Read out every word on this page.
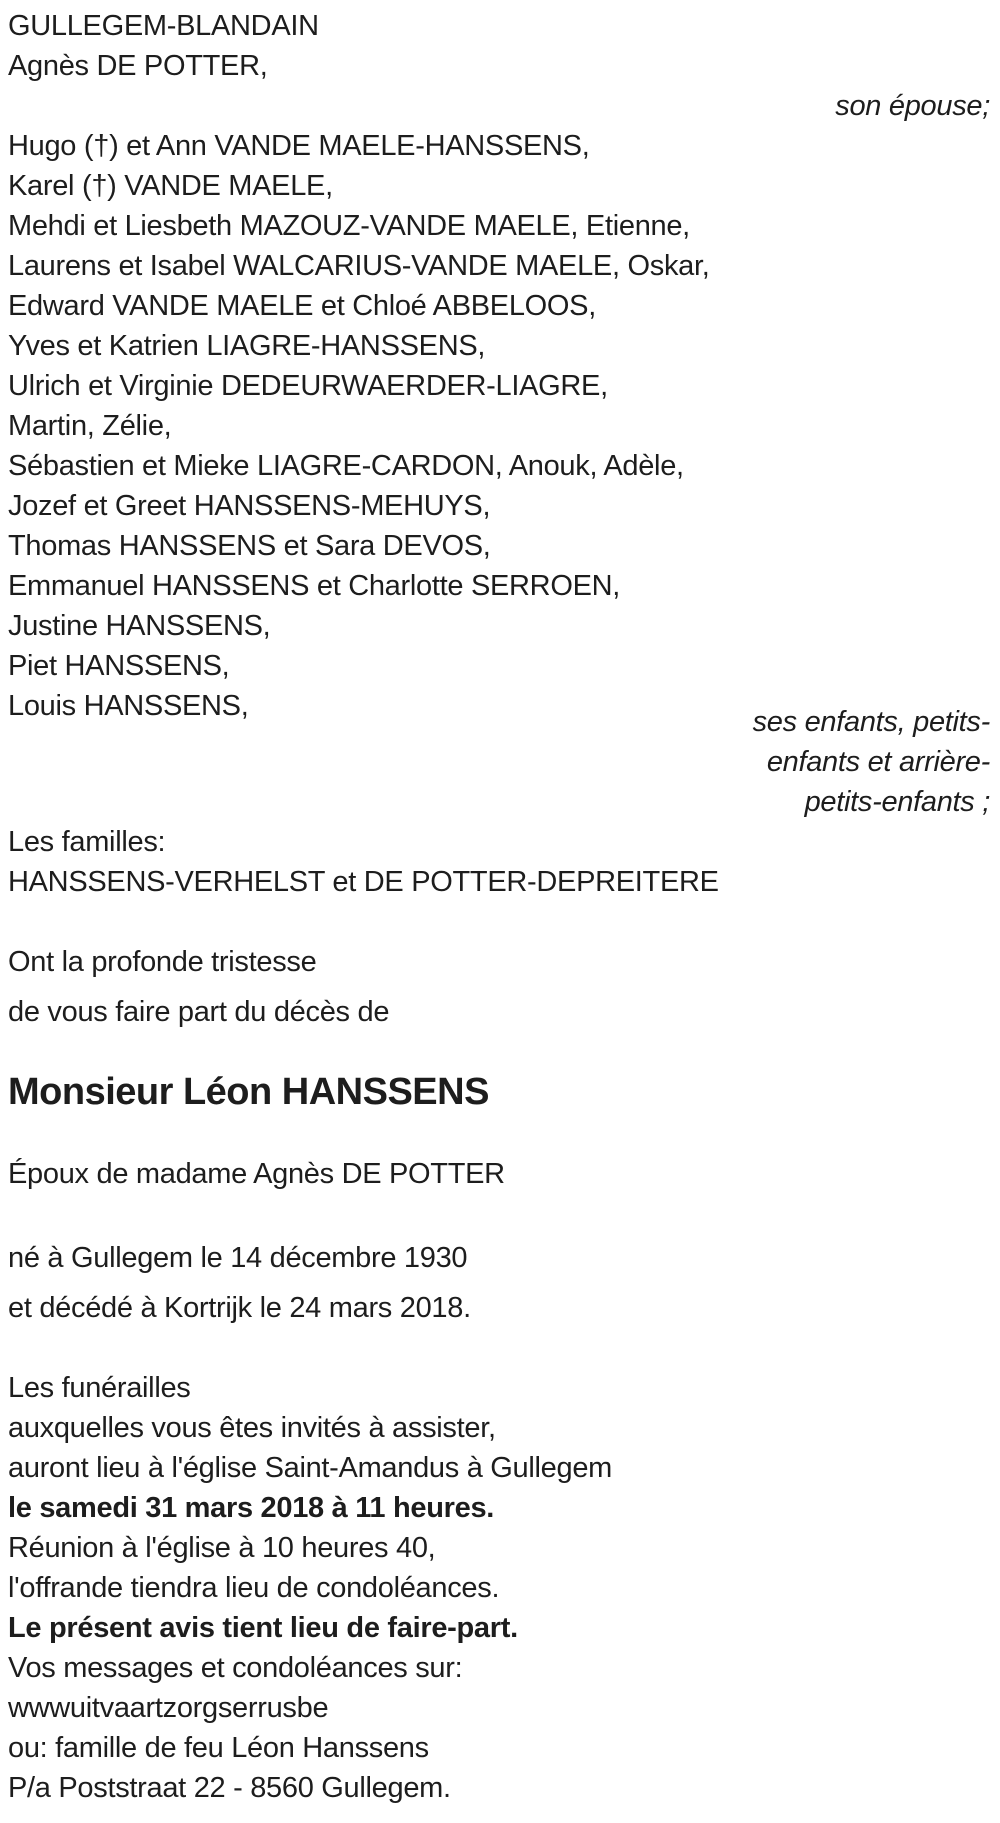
GULLEGEM-BLANDAIN
Agnès DE POTTER,
son épouse;
Hugo (†) et Ann VANDE MAELE-HANSSENS,
Karel (†) VANDE MAELE,
Mehdi et Liesbeth MAZOUZ-VANDE MAELE, Etienne,
Laurens et Isabel WALCARIUS-VANDE MAELE, Oskar,
Edward VANDE MAELE et Chloé ABBELOOS,
Yves et Katrien LIAGRE-HANSSENS,
Ulrich et Virginie DEDEURWAERDER-LIAGRE,
Martin, Zélie,
Sébastien et Mieke LIAGRE-CARDON, Anouk, Adèle,
Jozef et Greet HANSSENS-MEHUYS,
Thomas HANSSENS et Sara DEVOS,
Emmanuel HANSSENS et Charlotte SERROEN,
Justine HANSSENS,
Piet HANSSENS,
Louis HANSSENS,	ses enfants, petits-
enfants et arrière-
petits-enfants ;
Les familles:
HANSSENS-VERHELST et DE POTTER-DEPREITERE
Ont la profonde tristesse
de vous faire part du décès de
Monsieur Léon HANSSENS
Époux de madame Agnès DE POTTER
né à Gullegem le 14 décembre 1930
et décédé à Kortrijk le 24 mars 2018.
Les funérailles
auxquelles vous êtes invités à assister,
auront lieu à l'église Saint-Amandus à Gullegem
le samedi 31 mars 2018 à 11 heures.
Réunion à l'église à 10 heures 40,
l'offrande tiendra lieu de condoléances.
Le présent avis tient lieu de faire-part.
Vos messages et condoléances sur:
wwwuitvaartzorgserrusbe
ou: famille de feu Léon Hanssens
P/a Poststraat 22 - 8560 Gullegem.
